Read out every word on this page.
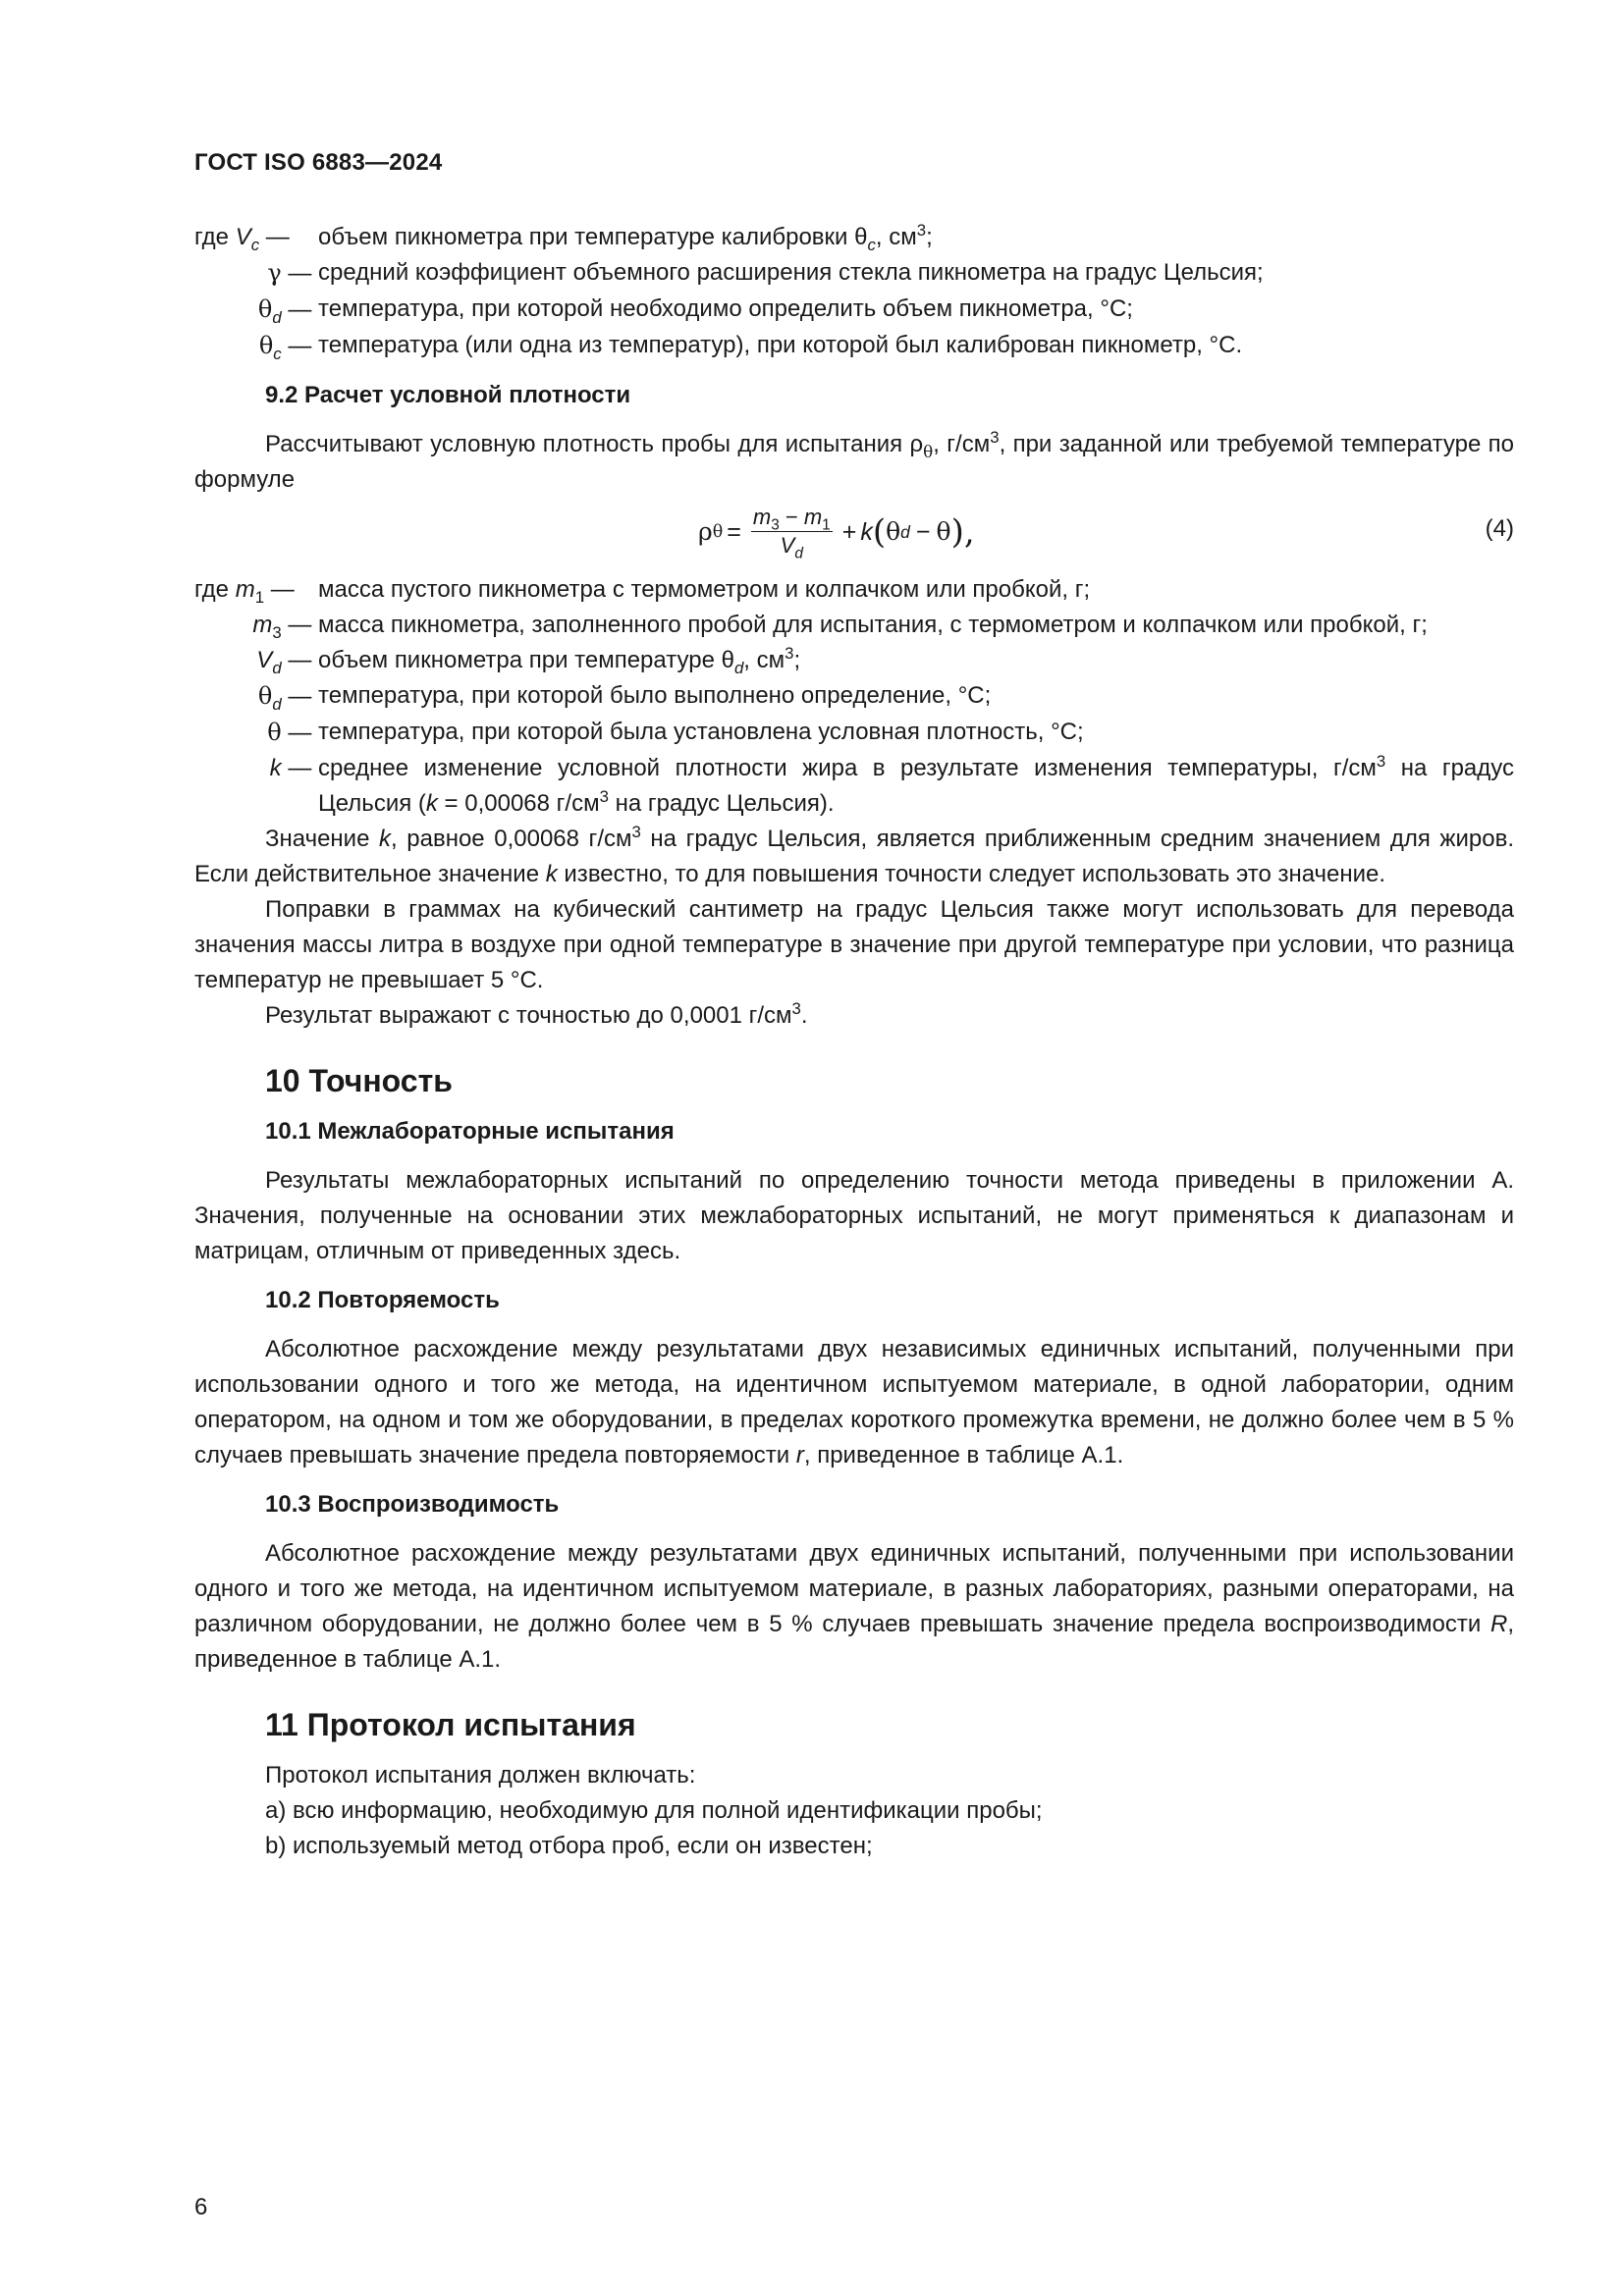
ГОСТ ISO 6883—2024
где $V_c$ — объем пикнометра при температуре калибровки $\theta_c$, $см^3$;
γ — средний коэффициент объемного расширения стекла пикнометра на градус Цельсия;
$\theta_d$ — температура, при которой необходимо определить объем пикнометра, °С;
$\theta_c$ — температура (или одна из температур), при которой был калиброван пикнометр, °С.

9.2 Расчет условной плотности

Рассчитывают условную плотность пробы для испытания $\rho_\theta$, $г/см^3$, при заданной или требуемой температуре по формуле

ρ $\theta = \frac{m_3 - m_1}{V_d} + k$ ( θ d − θ ),	(4)
где $m_1$ — масса пустого пикнометра с термометром и колпачком или пробкой, г;
$m_3$ — масса пикнометра, заполненного пробой для испытания, с термометром и колпачком или пробкой, г;
$V_d$ — объем пикнометра при температуре $\theta_d$, $см^3$;
$\theta_d$ — температура, при которой было выполнено определение, °С;
θ — температура, при которой была установлена условная плотность, °С;
k — среднее изменение условной плотности жира в результате изменения температуры, $г/см^3$ на градус Цельсия (k = 0,00068 $г/см^3$ на градус Цельсия).

Значение k, равное 0,00068 $г/см^3$ на градус Цельсия, является приближенным средним значением для жиров. Если действительное значение k известно, то для повышения точности следует использовать это значение.

Поправки в граммах на кубический сантиметр на градус Цельсия также могут использовать для перевода значения массы литра в воздухе при одной температуре в значение при другой температуре при условии, что разница температур не превышает 5 °С.

Результат выражают с точностью до 0,0001 $г/см^3$.

10 Точность

10.1 Межлабораторные испытания

Результаты межлабораторных испытаний по определению точности метода приведены в приложении А. Значения, полученные на основании этих межлабораторных испытаний, не могут применяться к диапазонам и матрицам, отличным от приведенных здесь.

10.2 Повторяемость

Абсолютное расхождение между результатами двух независимых единичных испытаний, полученными при использовании одного и того же метода, на идентичном испытуемом материале, в одной лаборатории, одним оператором, на одном и том же оборудовании, в пределах короткого промежутка времени, не должно более чем в 5 % случаев превышать значение предела повторяемости r, приведенное в таблице А.1.

10.3 Воспроизводимость

Абсолютное расхождение между результатами двух единичных испытаний, полученными при использовании одного и того же метода, на идентичном испытуемом материале, в разных лабораториях, разными операторами, на различном оборудовании, не должно более чем в 5 % случаев превышать значение предела воспроизводимости R, приведенное в таблице А.1.

11 Протокол испытания

Протокол испытания должен включать:

a) всю информацию, необходимую для полной идентификации пробы;

b) используемый метод отбора проб, если он известен;

6
